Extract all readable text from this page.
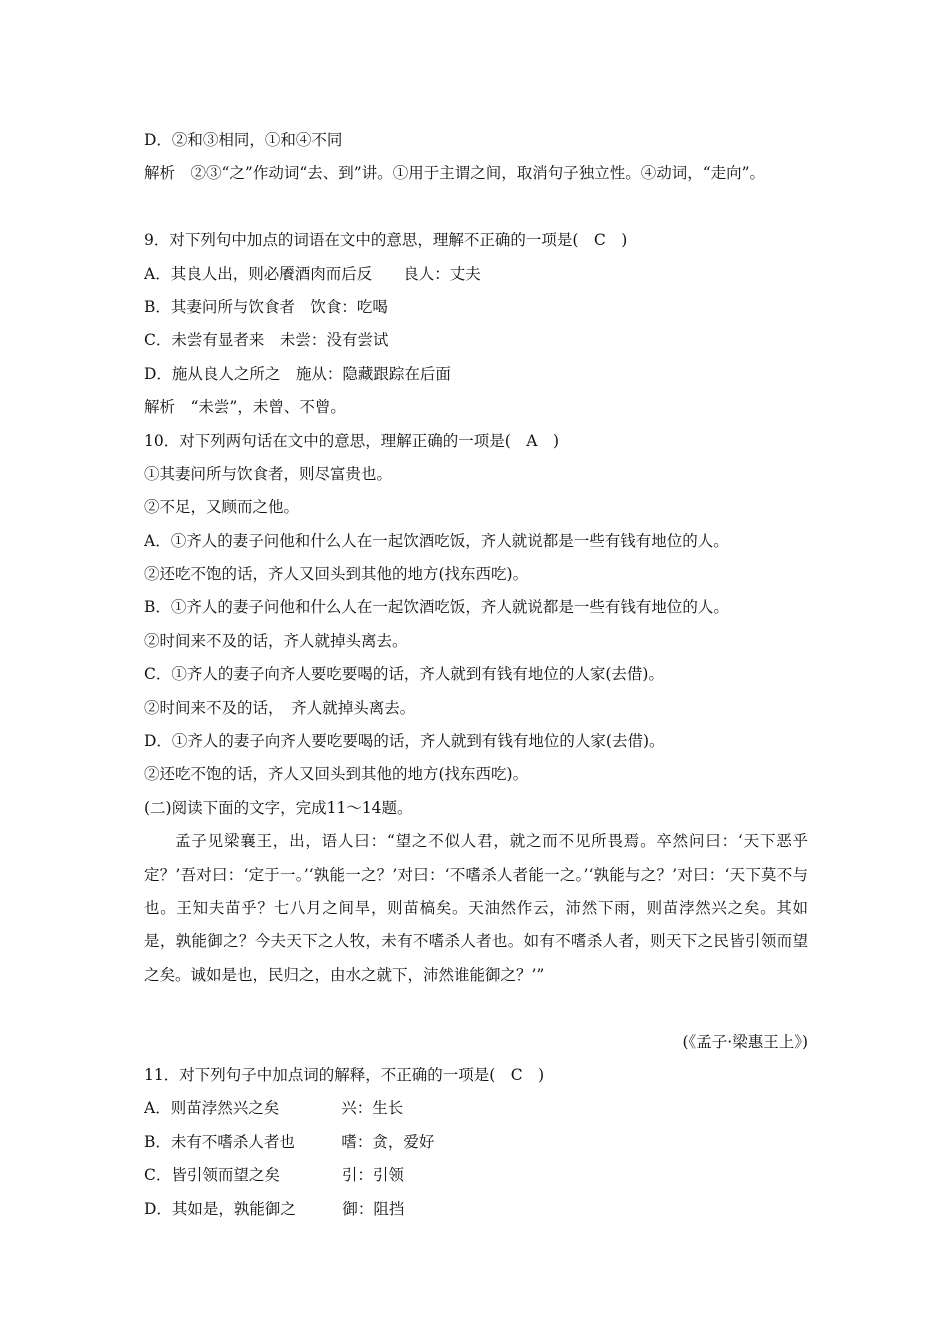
D．②和③相同，①和④不同
解析　②③“之”作动词“去、到”讲。①用于主谓之间，取消句子独立性。④动词，“走向”。
9．对下列句中加点的词语在文中的意思，理解不正确的一项是(　C　)
A．其良人出，则必餍酒肉而后反　　良人：丈夫
B．其妻问所与饮食者　饮食：吃喝
C．未尝有显者来　未尝：没有尝试
D．施从良人之所之　施从：隐藏跟踪在后面
解析　“未尝”，未曾、不曾。
10．对下列两句话在文中的意思，理解正确的一项是(　A　)
①其妻问所与饮食者，则尽富贵也。
②不足，又顾而之他。
A．①齐人的妻子问他和什么人在一起饮酒吃饭，齐人就说都是一些有钱有地位的人。
②还吃不饱的话，齐人又回头到其他的地方(找东西吃)。
B．①齐人的妻子问他和什么人在一起饮酒吃饭，齐人就说都是一些有钱有地位的人。
②时间来不及的话，齐人就掉头离去。
C．①齐人的妻子向齐人要吃要喝的话，齐人就到有钱有地位的人家(去借)。
②时间来不及的话，　齐人就掉头离去。
D．①齐人的妻子向齐人要吃要喝的话，齐人就到有钱有地位的人家(去借)。
②还吃不饱的话，齐人又回头到其他的地方(找东西吃)。
(二)阅读下面的文字，完成11～14题。
孟子见梁襄王，出，语人曰：“望之不似人君，就之而不见所畏焉。卒然问曰：‘天下恶乎定？’吾对曰：‘定于一。’‘孰能一之？’对曰：‘不嗜杀人者能一之。’‘孰能与之？’对曰：‘天下莫不与也。王知夫苗乎？七八月之间旱，则苗槁矣。天油然作云，沛然下雨，则苗浡然兴之矣。其如是，孰能御之？今夫天下之人牧，未有不嗜杀人者也。如有不嗜杀人者，则天下之民皆引领而望之矣。诚如是也，民归之，由水之就下，沛然谁能御之？’”
(《孟子·梁惠王上》)
11．对下列句子中加点词的解释，不正确的一项是(　C　)
A．则苗浡然兴之矣　　　　兴：生长
B．未有不嗜杀人者也　　　嗜：贪，爱好
C．皆引领而望之矣　　　　引：引领
D．其如是，孰能御之　　　御：阻挡
